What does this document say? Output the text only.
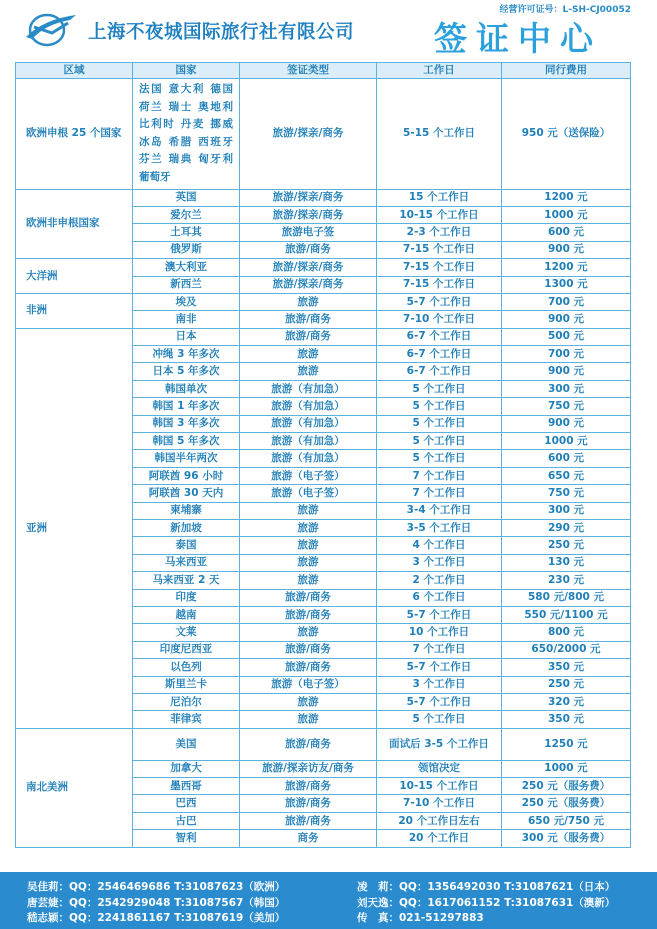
经营许可证号：L-SH-CJ00052
上海不夜城国际旅行社有限公司 签证中心
区域	国家	签证类型	工作日	同行费用
欧洲申根 25 个国家	法国 意大利 德国 荷兰 瑞士 奥地利 比利时 丹麦 挪威 冰岛 希腊 西班牙 芬兰 瑞典 匈牙利 葡萄牙	旅游/探亲/商务	5-15 个工作日	950 元（送保险）
欧洲非申根国家	英国	旅游/探亲/商务	15 个工作日	1200 元
	爱尔兰	旅游/探亲/商务	10-15 个工作日	1000 元
	土耳其	旅游电子签	2-3 个工作日	600 元
	俄罗斯	旅游/商务	7-15 个工作日	900 元
大洋洲	澳大利亚	旅游/探亲/商务	7-15 个工作日	1200 元
	新西兰	旅游/探亲/商务	7-15 个工作日	1300 元
非洲	埃及	旅游	5-7 个工作日	700 元
	南非	旅游/商务	7-10 个工作日	900 元
亚洲	日本	旅游/商务	6-7 个工作日	500 元
	冲绳 3 年多次	旅游	6-7 个工作日	700 元
	日本 5 年多次	旅游	6-7 个工作日	900 元
	韩国单次	旅游（有加急）	5 个工作日	300 元
	韩国 1 年多次	旅游（有加急）	5 个工作日	750 元
	韩国 3 年多次	旅游（有加急）	5 个工作日	900 元
	韩国 5 年多次	旅游（有加急）	5 个工作日	1000 元
	韩国半年两次	旅游（有加急）	5 个工作日	600 元
	阿联酋 96 小时	旅游（电子签）	7 个工作日	650 元
	阿联酋 30 天内	旅游（电子签）	7 个工作日	750 元
	柬埔寨	旅游	3-4 个工作日	300 元
	新加坡	旅游	3-5 个工作日	290 元
	泰国	旅游	4 个工作日	250 元
	马来西亚	旅游	3 个工作日	130 元
	马来西亚 2 天	旅游	2 个工作日	230 元
	印度	旅游/商务	6 个工作日	580 元/800 元
	越南	旅游/商务	5-7 个工作日	550 元/1100 元
	文莱	旅游	10 个工作日	800 元
	印度尼西亚	旅游/商务	7 个工作日	650/2000 元
	以色列	旅游/商务	5-7 个工作日	350 元
	斯里兰卡	旅游（电子签）	3 个工作日	250 元
	尼泊尔	旅游	5-7 个工作日	320 元
	菲律宾	旅游	5 个工作日	350 元
南北美洲	美国	旅游/商务	面试后 3-5 个工作日	1250 元
	加拿大	旅游/探亲访友/商务	领馆决定	1000 元
	墨西哥	旅游/商务	10-15 个工作日	250 元（服务费）
	巴西	旅游/商务	7-10 个工作日	250 元（服务费）
	古巴	旅游/商务	20 个工作日左右	650 元/750 元
	智利	商务	20 个工作日	300 元（服务费）
吴佳莉：QQ：2546469686 T:31087623（欧洲）
唐芸婕：QQ：2542929048 T:31087567（韩国）
嵇志颖：QQ：2241861167 T:31087619（美加）
凌　莉：QQ：1356492030 T:31087621（日本）
刘天逸：QQ：1617061152 T:31087631（澳新）
传　真：021-51297883
